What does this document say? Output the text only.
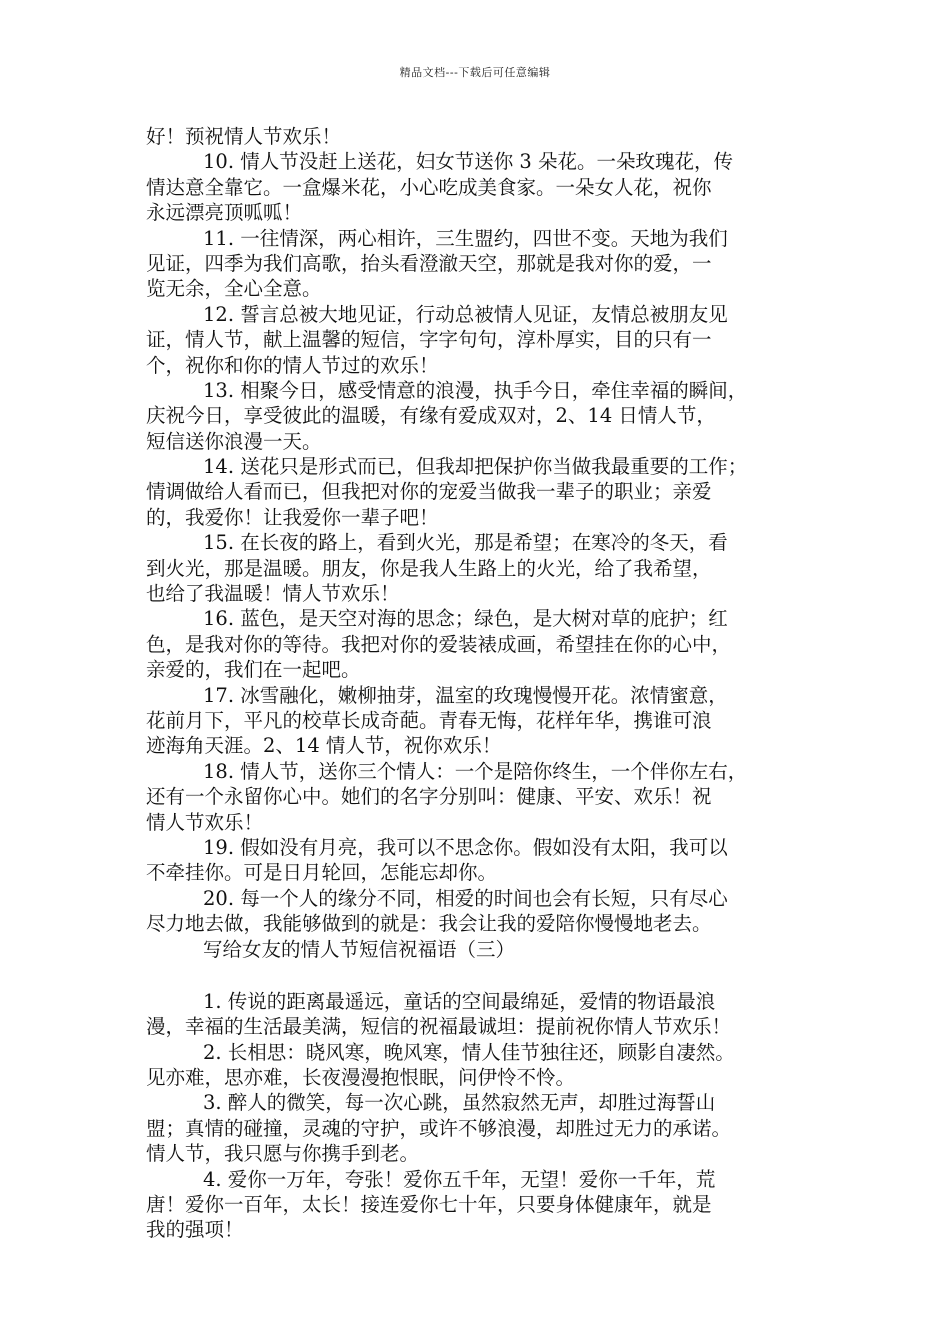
精品文档---下载后可任意编辑
好！预祝情人节欢乐！
10. 情人节没赶上送花，妇女节送你 3 朵花。一朵玫瑰花，传
情达意全靠它。一盒爆米花，小心吃成美食家。一朵女人花，祝你
永远漂亮顶呱呱！
11. 一往情深，两心相许，三生盟约，四世不变。天地为我们
见证，四季为我们高歌，抬头看澄澈天空，那就是我对你的爱，一
览无余，全心全意。
12. 誓言总被大地见证，行动总被情人见证，友情总被朋友见
证，情人节，献上温馨的短信，字字句句，淳朴厚实，目的只有一
个，祝你和你的情人节过的欢乐！
13. 相聚今日，感受情意的浪漫，执手今日，牵住幸福的瞬间，
庆祝今日，享受彼此的温暖，有缘有爱成双对，2、14 日情人节，
短信送你浪漫一天。
14. 送花只是形式而已，但我却把保护你当做我最重要的工作；
情调做给人看而已，但我把对你的宠爱当做我一辈子的职业；亲爱
的，我爱你！让我爱你一辈子吧！
15. 在长夜的路上，看到火光，那是希望；在寒冷的冬天，看
到火光，那是温暖。朋友，你是我人生路上的火光，给了我希望，
也给了我温暖！情人节欢乐！
16. 蓝色，是天空对海的思念；绿色，是大树对草的庇护；红
色，是我对你的等待。我把对你的爱装裱成画，希望挂在你的心中，
亲爱的，我们在一起吧。
17. 冰雪融化，嫩柳抽芽，温室的玫瑰慢慢开花。浓情蜜意，
花前月下，平凡的校草长成奇葩。青春无悔，花样年华，携谁可浪
迹海角天涯。2、14 情人节，祝你欢乐！
18. 情人节，送你三个情人：一个是陪你终生，一个伴你左右，
还有一个永留你心中。她们的名字分别叫：健康、平安、欢乐！祝
情人节欢乐！
19. 假如没有月亮，我可以不思念你。假如没有太阳，我可以
不牵挂你。可是日月轮回，怎能忘却你。
20. 每一个人的缘分不同，相爱的时间也会有长短，只有尽心
尽力地去做，我能够做到的就是：我会让我的爱陪你慢慢地老去。
写给女友的情人节短信祝福语（三）
1. 传说的距离最遥远，童话的空间最绵延，爱情的物语最浪
漫，幸福的生活最美满，短信的祝福最诚坦：提前祝你情人节欢乐！
2. 长相思：晓风寒，晚风寒，情人佳节独往还，顾影自凄然。
见亦难，思亦难，长夜漫漫抱恨眠，问伊怜不怜。
3. 醉人的微笑，每一次心跳，虽然寂然无声，却胜过海誓山
盟；真情的碰撞，灵魂的守护，或许不够浪漫，却胜过无力的承诺。
情人节，我只愿与你携手到老。
4. 爱你一万年，夸张！爱你五千年，无望！爱你一千年，荒
唐！爱你一百年，太长！接连爱你七十年，只要身体健康年，就是
我的强项！
